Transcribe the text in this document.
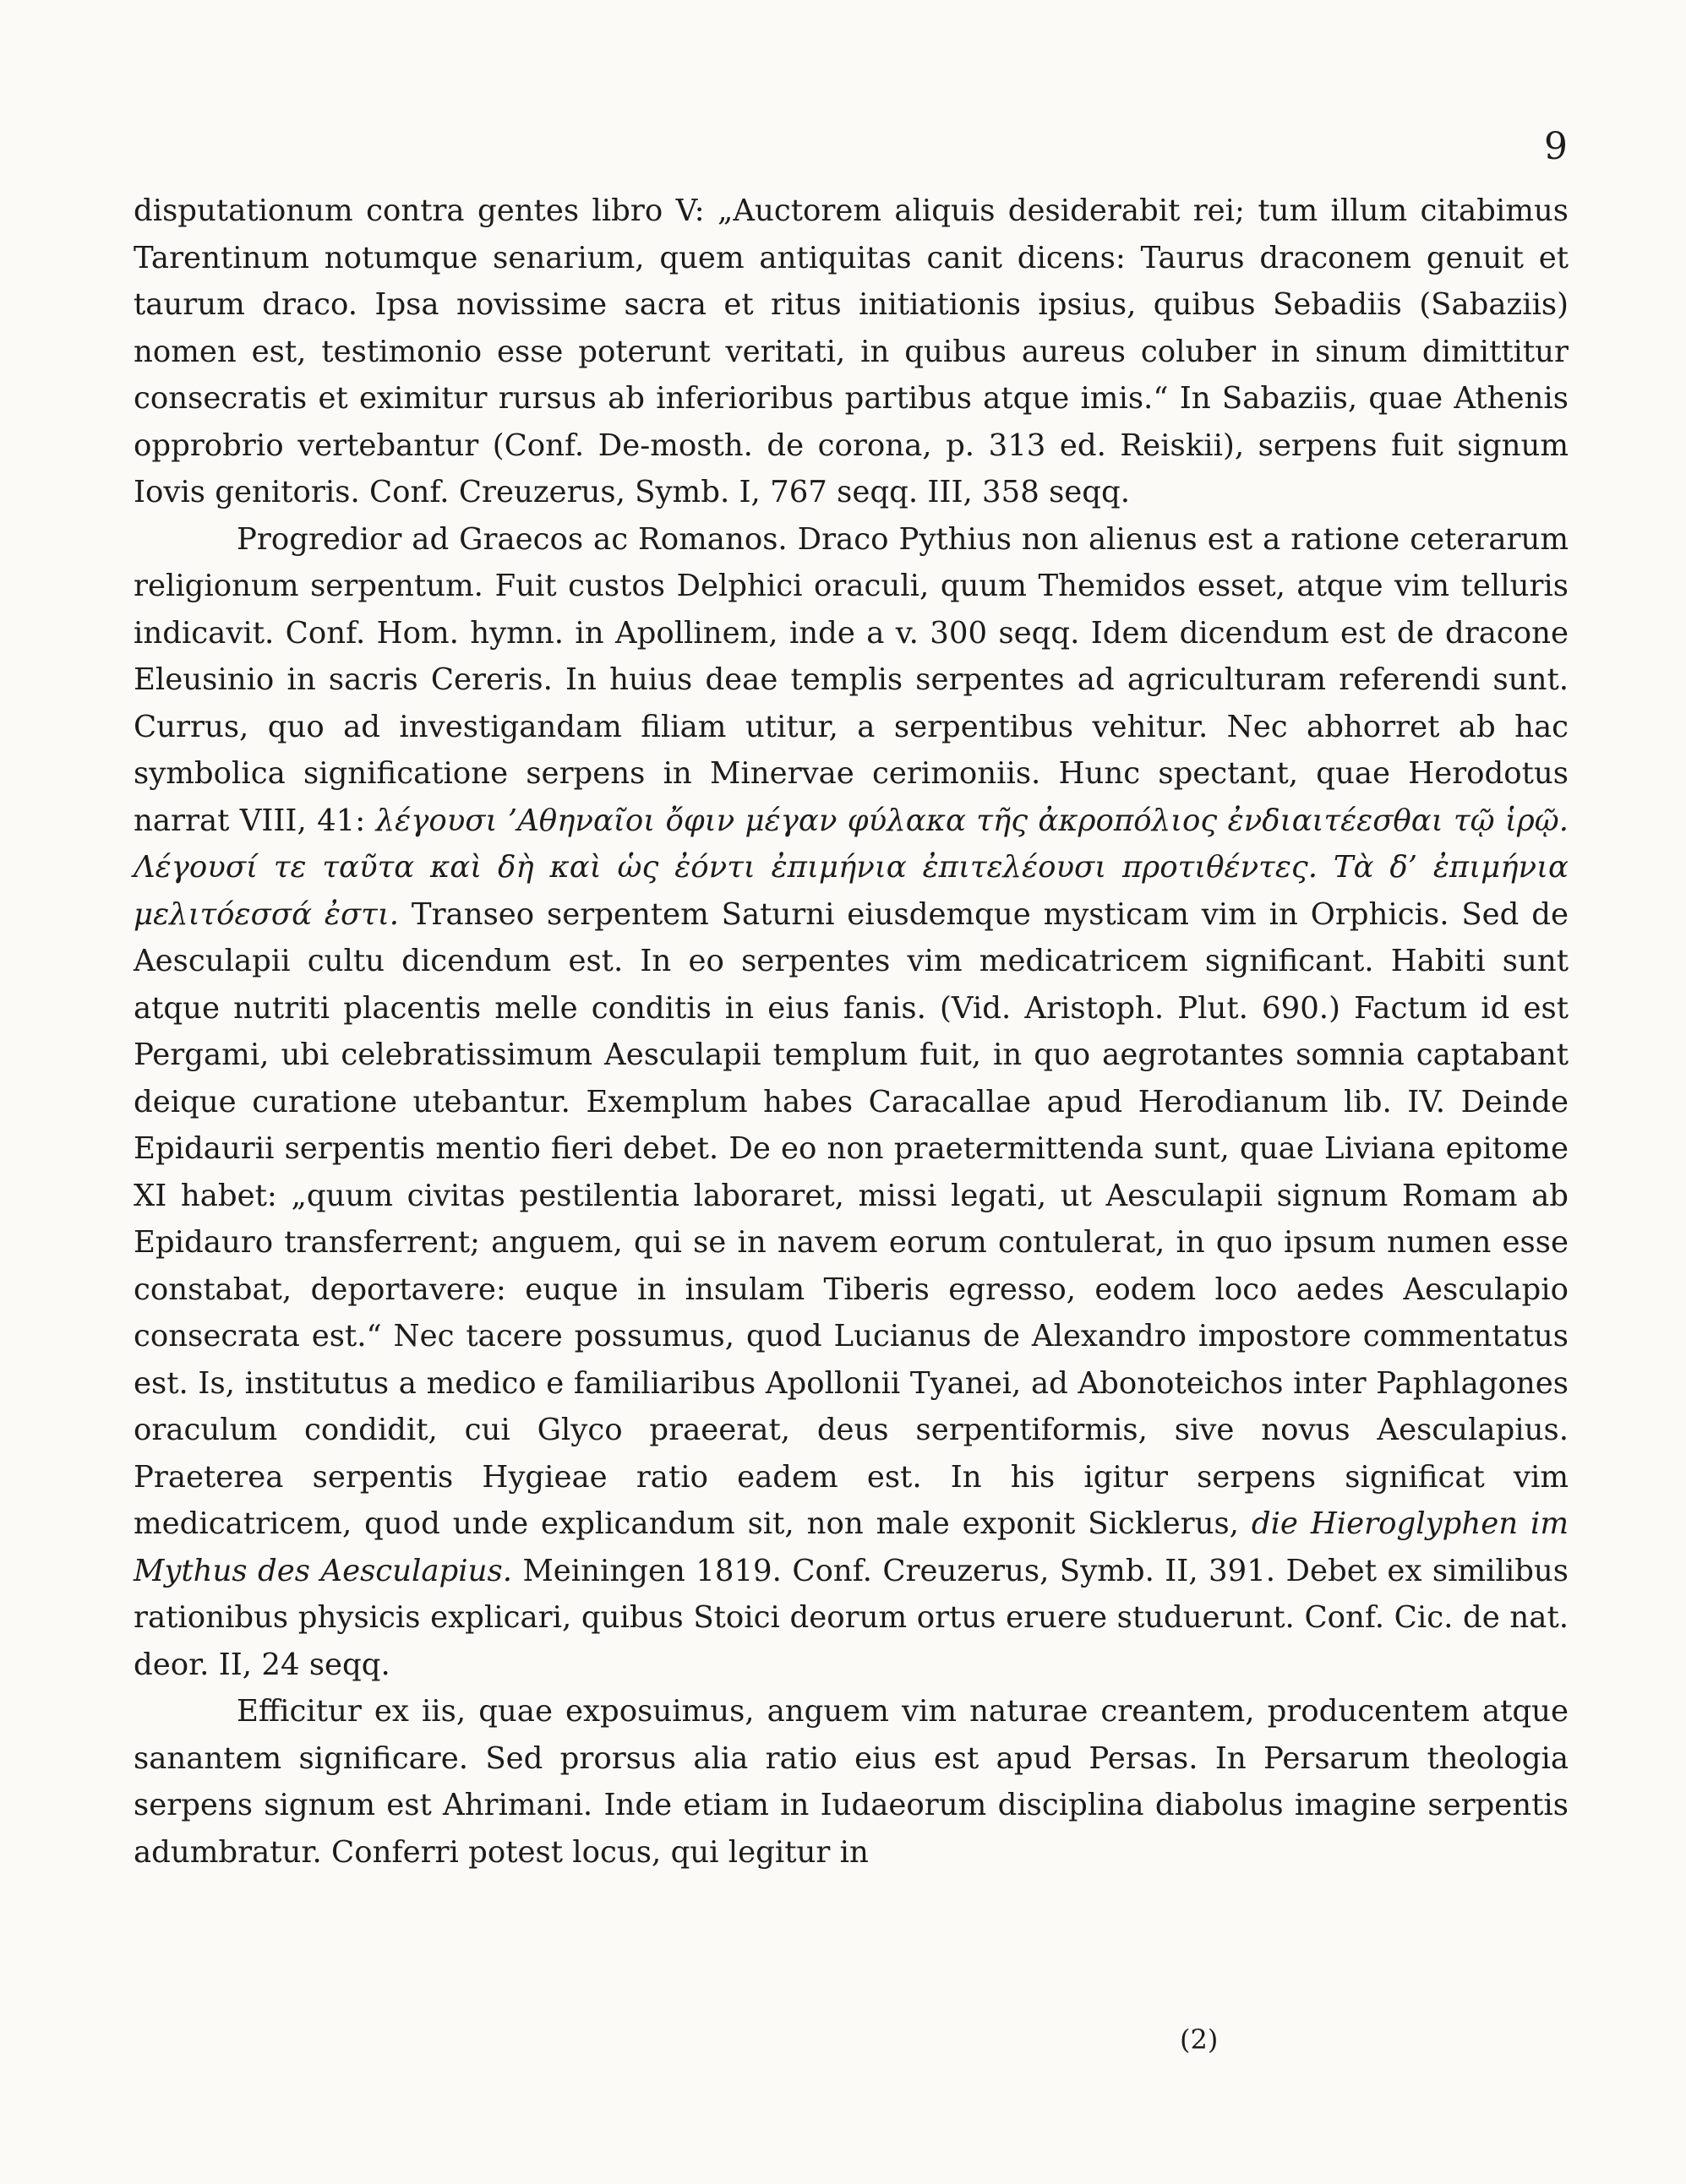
9

disputationum contra gentes libro V: „Auctorem aliquis desiderabit rei; tum illum citabimus Tarentinum notumque senarium, quem antiquitas canit dicens: Taurus draconem genuit et taurum draco. Ipsa novissime sacra et ritus initiationis ipsius, quibus Sebadiis (Sabaziis) nomen est, testimonio esse poterunt veritati, in quibus aureus coluber in sinum dimittitur consecratis et eximitur rursus ab inferioribus partibus atque imis.“ In Sabaziis, quae Athenis opprobrio vertebantur (Conf. De-mosth. de corona, p. 313 ed. Reiskii), serpens fuit signum Iovis genitoris. Conf. Creuzerus, Symb. I, 767 seqq. III, 358 seqq.

Progredior ad Graecos ac Romanos. Draco Pythius non alienus est a ratione ceterarum religionum serpentum. Fuit custos Delphici oraculi, quum Themidos esset, atque vim telluris indicavit. Conf. Hom. hymn. in Apollinem, inde a v. 300 seqq. Idem dicendum est de dracone Eleusinio in sacris Cereris. In huius deae templis serpentes ad agriculturam referendi sunt. Currus, quo ad investigandam filiam utitur, a serpentibus vehitur. Nec abhorret ab hac symbolica significatione serpens in Minervae cerimoniis. Hunc spectant, quae Herodotus narrat VIII, 41: λέγουσι ’Αθηναῖοι ὄφιν μέγαν φύλακα τῆς ἀκροπόλιος ἐνδιαιτέεσθαι τῷ ἱρῷ. Λέγουσί τε ταῦτα καὶ δὴ καὶ ὡς ἐόντι ἐπιμήνια ἐπιτελέουσι προτιθέντες. Τὰ δ’ ἐπιμήνια μελιτόεσσά ἐστι. Transeo serpentem Saturni eiusdemque mysticam vim in Orphicis. Sed de Aesculapii cultu dicendum est. In eo serpentes vim medicatricem significant. Habiti sunt atque nutriti placentis melle conditis in eius fanis. (Vid. Aristoph. Plut. 690.) Factum id est Pergami, ubi celebratissimum Aesculapii templum fuit, in quo aegrotantes somnia captabant deique curatione utebantur. Exemplum habes Caracallae apud Herodianum lib. IV. Deinde Epidaurii serpentis mentio fieri debet. De eo non praetermittenda sunt, quae Liviana epitome XI habet: „quum civitas pestilentia laboraret, missi legati, ut Aesculapii signum Romam ab Epidauro transferrent; anguem, qui se in navem eorum contulerat, in quo ipsum numen esse constabat, deportavere: euque in insulam Tiberis egresso, eodem loco aedes Aesculapio consecrata est.“ Nec tacere possumus, quod Lucianus de Alexandro impostore commentatus est. Is, institutus a medico e familiaribus Apollonii Tyanei, ad Abonoteichos inter Paphlagones oraculum condidit, cui Glyco praeerat, deus serpentiformis, sive novus Aesculapius. Praeterea serpentis Hygieae ratio eadem est. In his igitur serpens significat vim medicatricem, quod unde explicandum sit, non male exponit Sicklerus, die Hieroglyphen im Mythus des Aesculapius. Meiningen 1819. Conf. Creuzerus, Symb. II, 391. Debet ex similibus rationibus physicis explicari, quibus Stoici deorum ortus eruere studuerunt. Conf. Cic. de nat. deor. II, 24 seqq.

Efficitur ex iis, quae exposuimus, anguem vim naturae creantem, producentem atque sanantem significare. Sed prorsus alia ratio eius est apud Persas. In Persarum theologia serpens signum est Ahrimani. Inde etiam in Iudaeorum disciplina diabolus imagine serpentis adumbratur. Conferri potest locus, qui legitur in

(2)
